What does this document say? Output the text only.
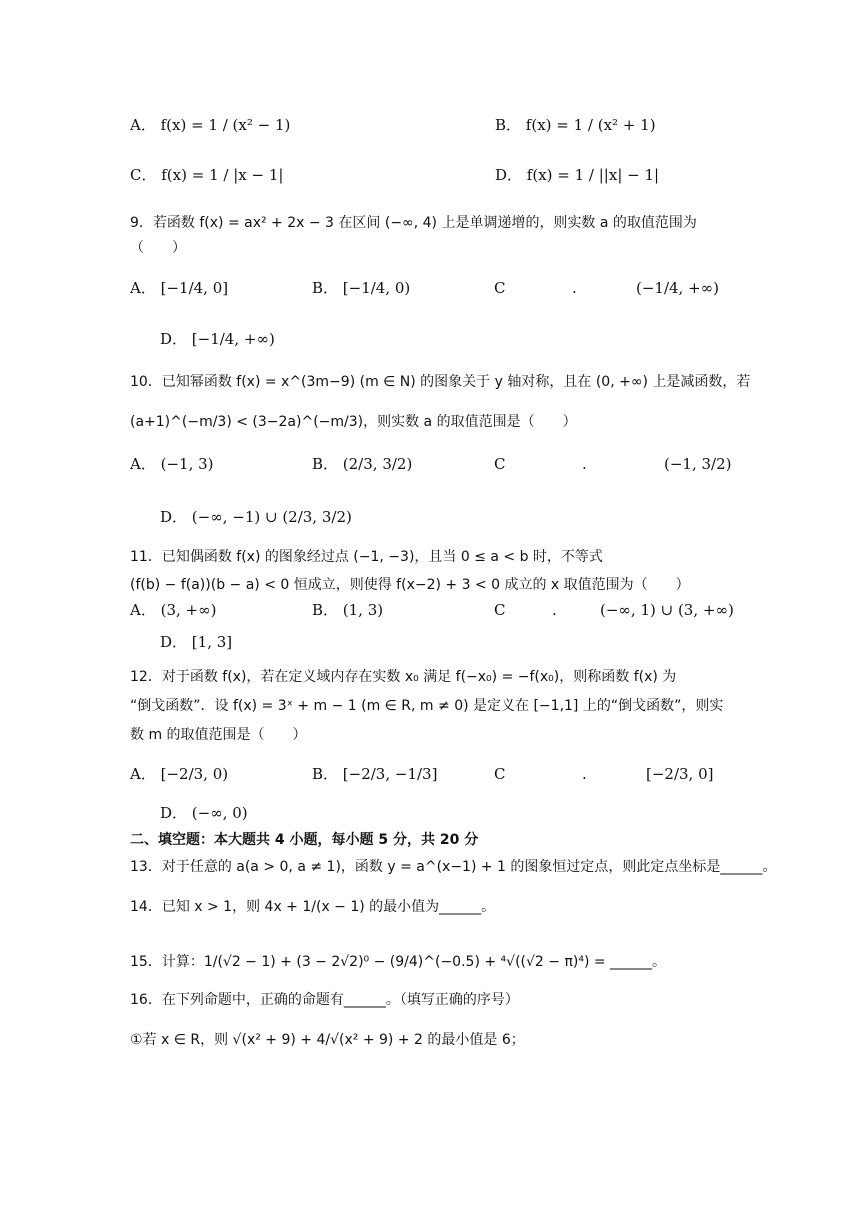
A． f(x) = 1 / (x² − 1)	B． f(x) = 1 / (x² + 1)
C． f(x) = 1 / |x − 1|	D． f(x) = 1 / ||x| − 1|
9．若函数 f(x) = ax² + 2x − 3 在区间 (−∞, 4) 上是单调递增的，则实数 a 的取值范围为
（　　）
A． [−1/4, 0]	B． [−1/4, 0)	C	.	(−1/4, +∞)
D． [−1/4, +∞)
10．已知幂函数 f(x) = x^(3m−9) (m ∈ N) 的图象关于 y 轴对称，且在 (0, +∞) 上是减函数，若
(a+1)^(−m/3) < (3−2a)^(−m/3)，则实数 a 的取值范围是（　　）
A． (−1, 3)	B． (2/3, 3/2)	C	.	(−1, 3/2)
D． (−∞, −1) ∪ (2/3, 3/2)
11．已知偶函数 f(x) 的图象经过点 (−1, −3)，且当 0 ≤ a < b 时，不等式
(f(b) − f(a))(b − a) < 0 恒成立，则使得 f(x−2) + 3 < 0 成立的 x 取值范围为（　　）
A． (3, +∞)	B． (1, 3)	C	.	(−∞, 1) ∪ (3, +∞)
D． [1, 3]
12．对于函数 f(x)，若在定义域内存在实数 x₀ 满足 f(−x₀) = −f(x₀)，则称函数 f(x) 为
“倒戈函数”．设 f(x) = 3ˣ + m − 1 (m ∈ R, m ≠ 0) 是定义在 [−1,1] 上的“倒戈函数”，则实
数 m 的取值范围是（　　）
A． [−2/3, 0)	B． [−2/3, −1/3]	C	.	[−2/3, 0]
D． (−∞, 0)
二、填空题：本大题共 4 小题，每小题 5 分，共 20 分
13．对于任意的 a(a > 0, a ≠ 1)，函数 y = a^(x−1) + 1 的图象恒过定点，则此定点坐标是______。
14．已知 x > 1，则 4x + 1/(x − 1) 的最小值为______。
15．计算：1/(√2 − 1) + (3 − 2√2)⁰ − (9/4)^(−0.5) + ⁴√((√2 − π)⁴) = ______。
16．在下列命题中，正确的命题有______。（填写正确的序号）
①若 x ∈ R，则 √(x² + 9) + 4/√(x² + 9) + 2 的最小值是 6；
